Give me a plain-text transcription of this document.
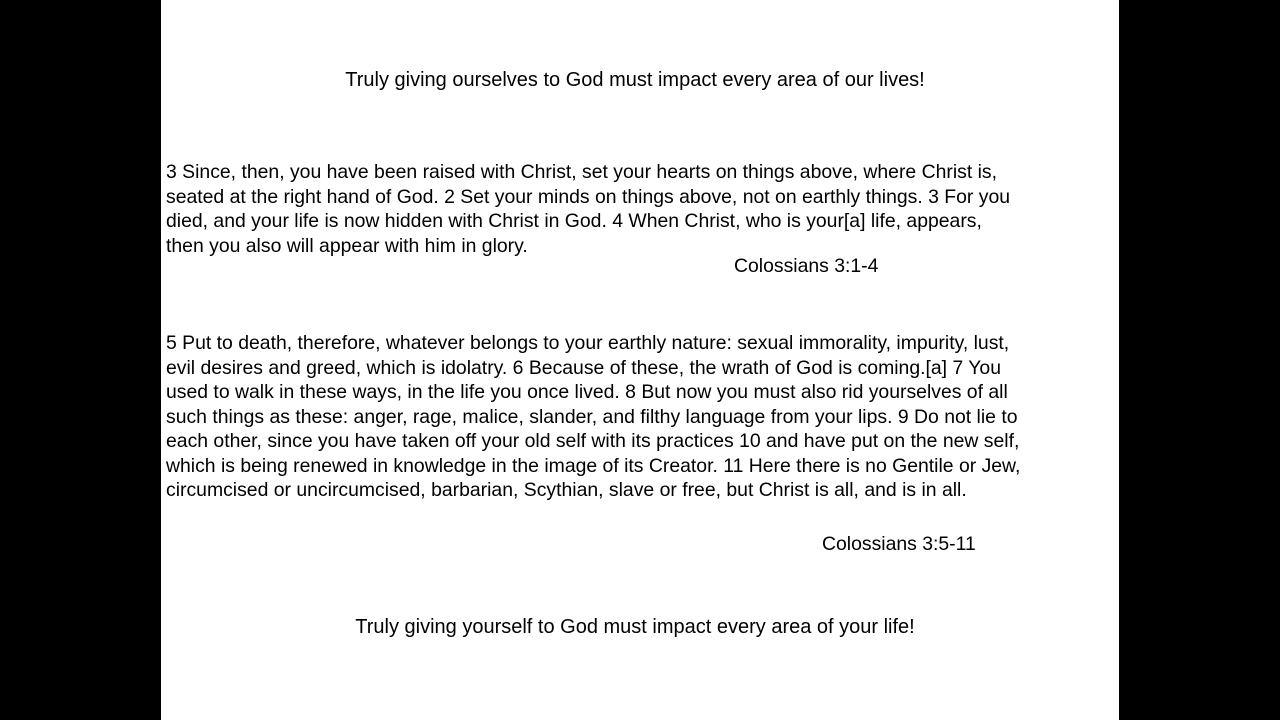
Truly giving ourselves to God must impact every area of our lives!
3 Since, then, you have been raised with Christ, set your hearts on things above, where Christ is,
seated at the right hand of God. 2 Set your minds on things above, not on earthly things. 3 For you
died, and your life is now hidden with Christ in God. 4 When Christ, who is your[a] life, appears,
then you also will appear with him in glory.
Colossians 3:1-4
5 Put to death, therefore, whatever belongs to your earthly nature: sexual immorality, impurity, lust,
evil desires and greed, which is idolatry. 6 Because of these, the wrath of God is coming.[a] 7 You
used to walk in these ways, in the life you once lived. 8 But now you must also rid yourselves of all
such things as these: anger, rage, malice, slander, and filthy language from your lips. 9 Do not lie to
each other, since you have taken off your old self with its practices 10 and have put on the new self,
which is being renewed in knowledge in the image of its Creator. 11 Here there is no Gentile or Jew,
circumcised or uncircumcised, barbarian, Scythian, slave or free, but Christ is all, and is in all.
Colossians 3:5-11
Truly giving yourself to God must impact every area of your life!
